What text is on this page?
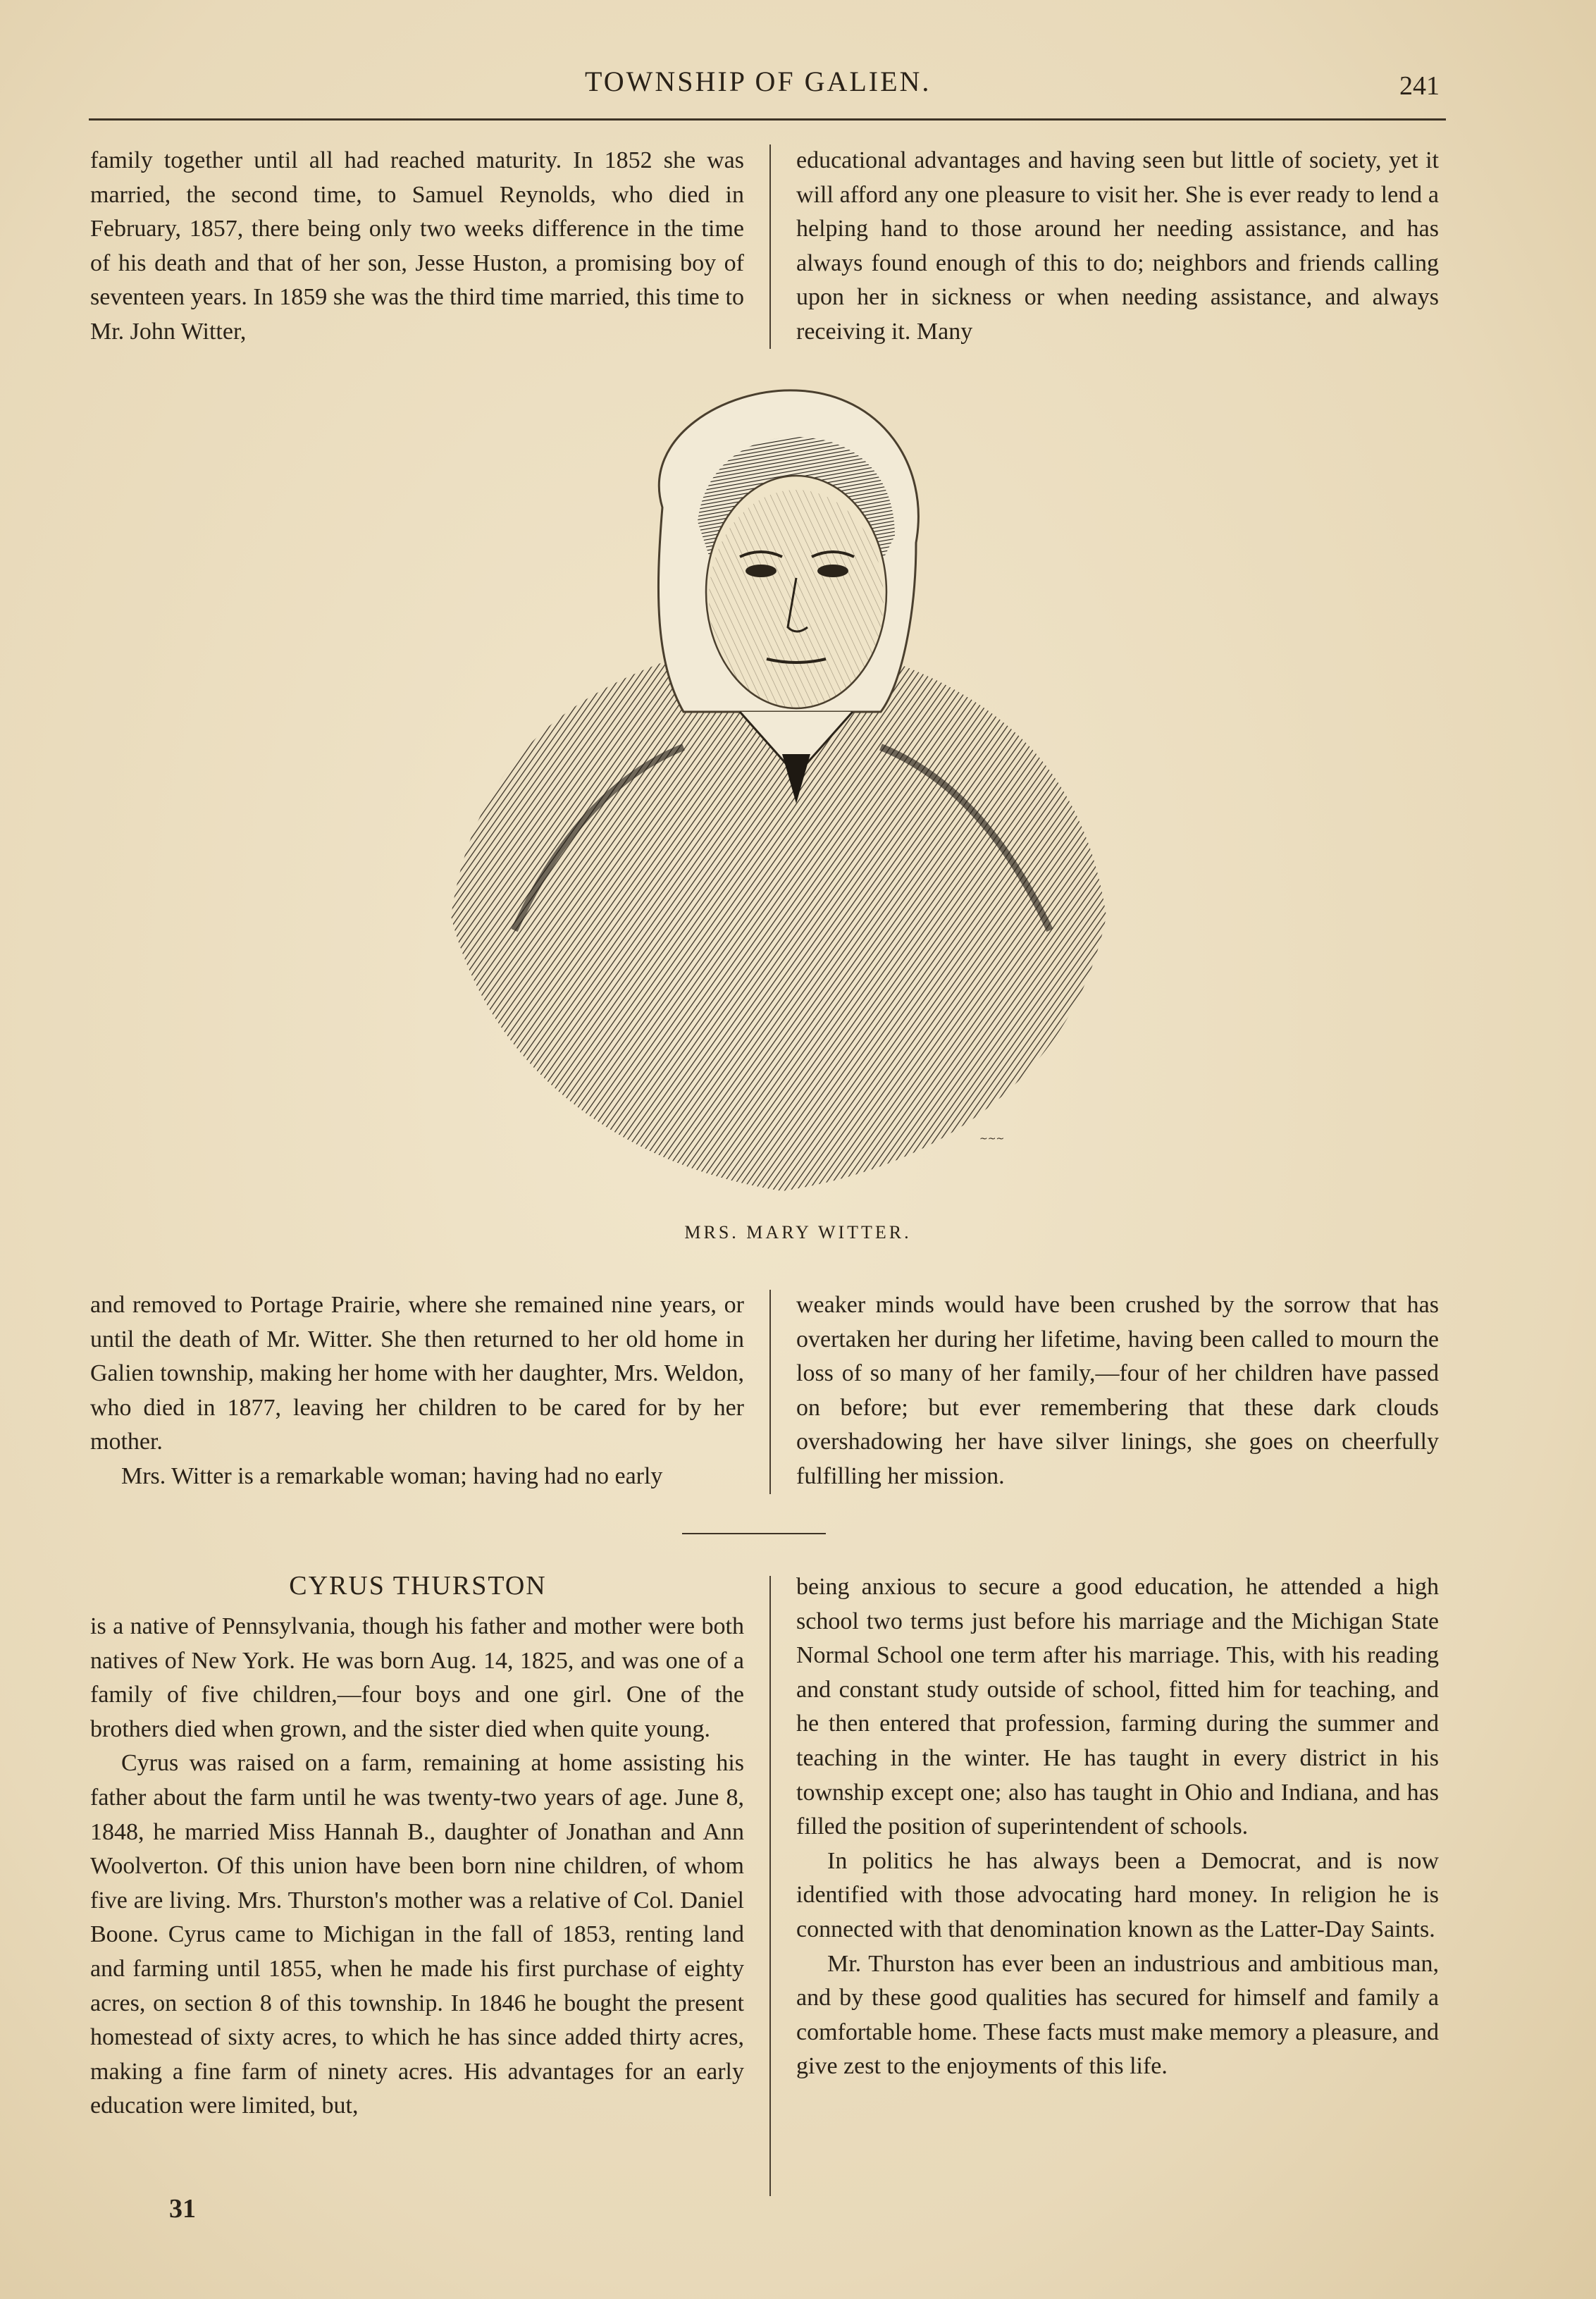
TOWNSHIP OF GALIEN.	241

family together until all had reached maturity. In 1852 she was married, the second time, to Samuel Reynolds, who died in February, 1857, there being only two weeks difference in the time of his death and that of her son, Jesse Huston, a promising boy of seventeen years. In 1859 she was the third time married, this time to Mr. John Witter,

educational advantages and having seen but little of society, yet it will afford any one pleasure to visit her. She is ever ready to lend a helping hand to those around her needing assistance, and has always found enough of this to do; neighbors and friends calling upon her in sickness or when needing assistance, and always receiving it. Many

~~~
MRS. MARY WITTER.

and removed to Portage Prairie, where she remained nine years, or until the death of Mr. Witter. She then returned to her old home in Galien township, making her home with her daughter, Mrs. Weldon, who died in 1877, leaving her children to be cared for by her mother.

Mrs. Witter is a remarkable woman; having had no early

weaker minds would have been crushed by the sorrow that has overtaken her during her lifetime, having been called to mourn the loss of so many of her family,—four of her children have passed on before; but ever remembering that these dark clouds overshadowing her have silver linings, she goes on cheerfully fulfilling her mission.

CYRUS THURSTON

is a native of Pennsylvania, though his father and mother were both natives of New York. He was born Aug. 14, 1825, and was one of a family of five children,—four boys and one girl. One of the brothers died when grown, and the sister died when quite young.

Cyrus was raised on a farm, remaining at home assisting his father about the farm until he was twenty-two years of age. June 8, 1848, he married Miss Hannah B., daughter of Jonathan and Ann Woolverton. Of this union have been born nine children, of whom five are living. Mrs. Thurston's mother was a relative of Col. Daniel Boone. Cyrus came to Michigan in the fall of 1853, renting land and farming until 1855, when he made his first purchase of eighty acres, on section 8 of this township. In 1846 he bought the present homestead of sixty acres, to which he has since added thirty acres, making a fine farm of ninety acres. His advantages for an early education were limited, but,

being anxious to secure a good education, he attended a high school two terms just before his marriage and the Michigan State Normal School one term after his marriage. This, with his reading and constant study outside of school, fitted him for teaching, and he then entered that profession, farming during the summer and teaching in the winter. He has taught in every district in his township except one; also has taught in Ohio and Indiana, and has filled the position of superintendent of schools.

In politics he has always been a Democrat, and is now identified with those advocating hard money. In religion he is connected with that denomination known as the Latter-Day Saints.

Mr. Thurston has ever been an industrious and ambitious man, and by these good qualities has secured for himself and family a comfortable home. These facts must make memory a pleasure, and give zest to the enjoyments of this life.

31
